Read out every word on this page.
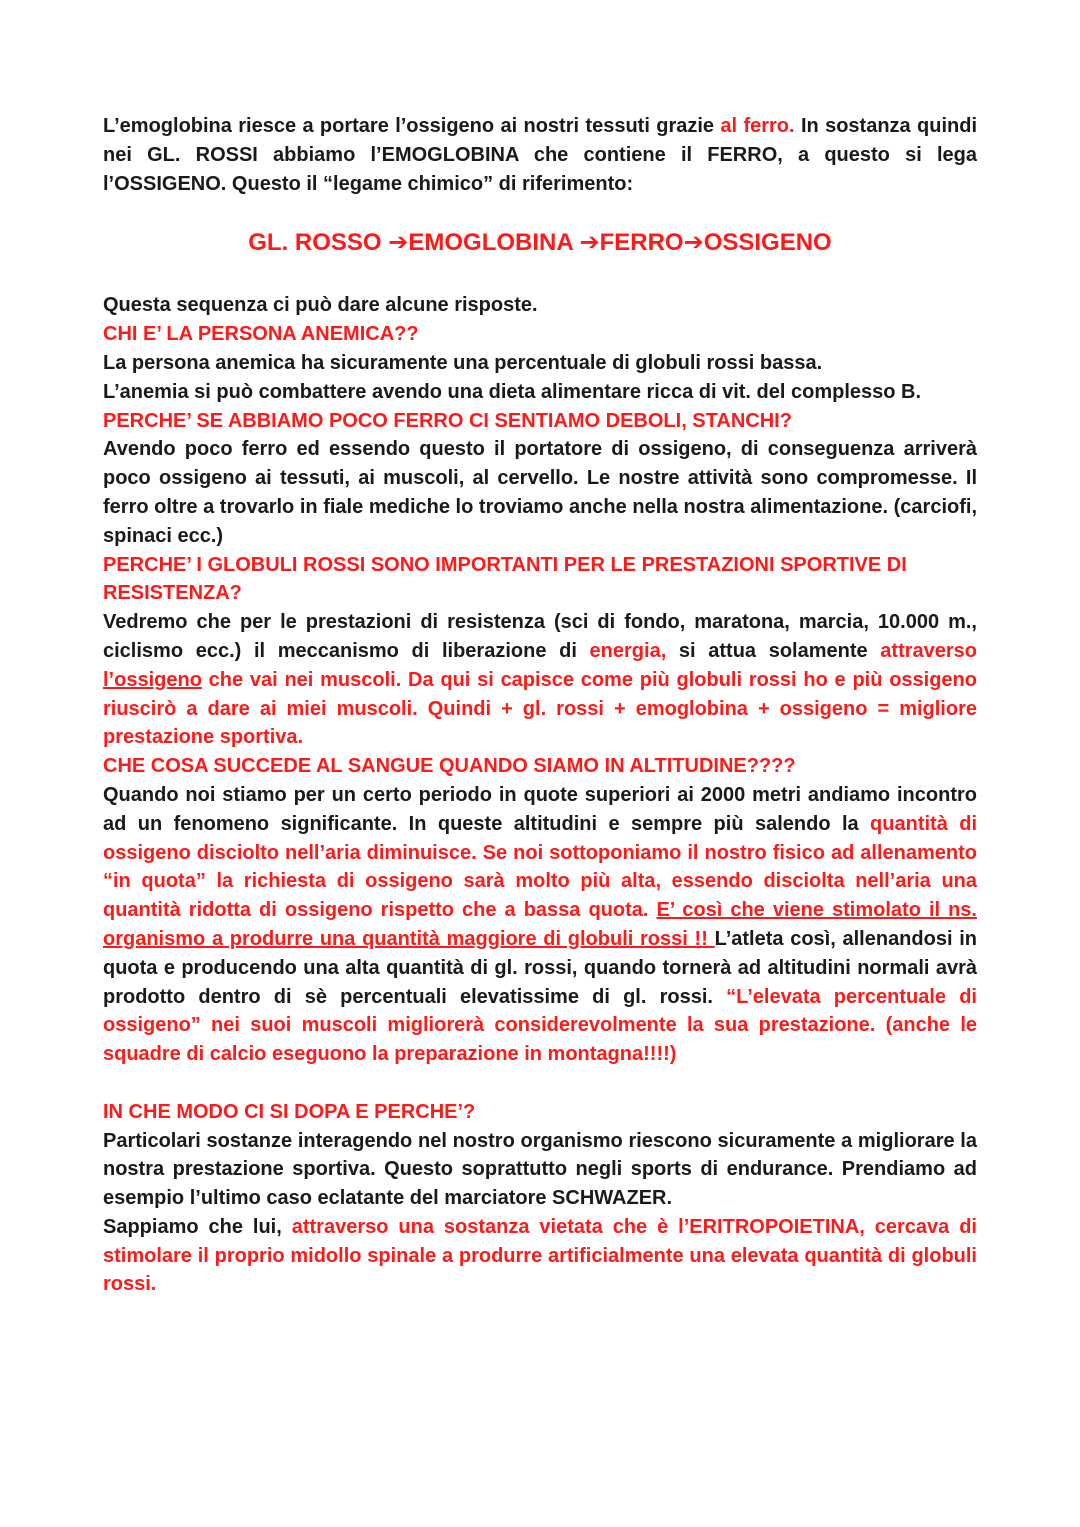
L’emoglobina riesce a portare l’ossigeno ai nostri tessuti grazie al ferro. In sostanza quindi nei GL. ROSSI abbiamo l’EMOGLOBINA che contiene il FERRO, a questo si lega l’OSSIGENO. Questo il “legame chimico” di riferimento:

GL. ROSSO ➔EMOGLOBINA ➔FERRO➔OSSIGENO

Questa sequenza ci può dare alcune risposte.

CHI E’ LA PERSONA ANEMICA??

La persona anemica ha sicuramente una percentuale di globuli rossi bassa.

L’anemia si può combattere avendo una dieta alimentare ricca di vit. del complesso B.

PERCHE’ SE ABBIAMO POCO FERRO CI SENTIAMO DEBOLI, STANCHI?

Avendo poco ferro ed essendo questo il portatore di ossigeno, di conseguenza arriverà poco ossigeno ai tessuti, ai muscoli, al cervello. Le nostre attività sono compromesse. Il ferro oltre a trovarlo in fiale mediche lo troviamo anche nella nostra alimentazione. (carciofi, spinaci ecc.)

PERCHE’ I GLOBULI ROSSI SONO IMPORTANTI PER LE PRESTAZIONI SPORTIVE DI RESISTENZA?

Vedremo che per le prestazioni di resistenza (sci di fondo, maratona, marcia, 10.000 m., ciclismo ecc.) il meccanismo di liberazione di energia, si attua solamente attraverso l’ossigeno che vai nei muscoli. Da qui si capisce come più globuli rossi ho e più ossigeno riuscirò a dare ai miei muscoli. Quindi + gl. rossi + emoglobina + ossigeno = migliore prestazione sportiva.

CHE COSA SUCCEDE AL SANGUE QUANDO SIAMO IN ALTITUDINE????

Quando noi stiamo per un certo periodo in quote superiori ai 2000 metri andiamo incontro ad un fenomeno significante. In queste altitudini e sempre più salendo la quantità di ossigeno disciolto nell’aria diminuisce. Se noi sottoponiamo il nostro fisico ad allenamento “in quota” la richiesta di ossigeno sarà molto più alta, essendo disciolta nell’aria una quantità ridotta di ossigeno rispetto che a bassa quota. E’ così che viene stimolato il ns. organismo a produrre una quantità maggiore di globuli rossi !! L’atleta così, allenandosi in quota e producendo una alta quantità di gl. rossi, quando tornerà ad altitudini normali avrà prodotto dentro di sè percentuali elevatissime di gl. rossi. “L’elevata percentuale di ossigeno” nei suoi muscoli migliorerà considerevolmente la sua prestazione. (anche le squadre di calcio eseguono la preparazione in montagna!!!!)

IN CHE MODO CI SI DOPA E PERCHE’?

Particolari sostanze interagendo nel nostro organismo riescono sicuramente a migliorare la nostra prestazione sportiva. Questo soprattutto negli sports di endurance. Prendiamo ad esempio l’ultimo caso eclatante del marciatore SCHWAZER.

Sappiamo che lui, attraverso una sostanza vietata che è l’ERITROPOIETINA, cercava di stimolare il proprio midollo spinale a produrre artificialmente una elevata quantità di globuli rossi.
